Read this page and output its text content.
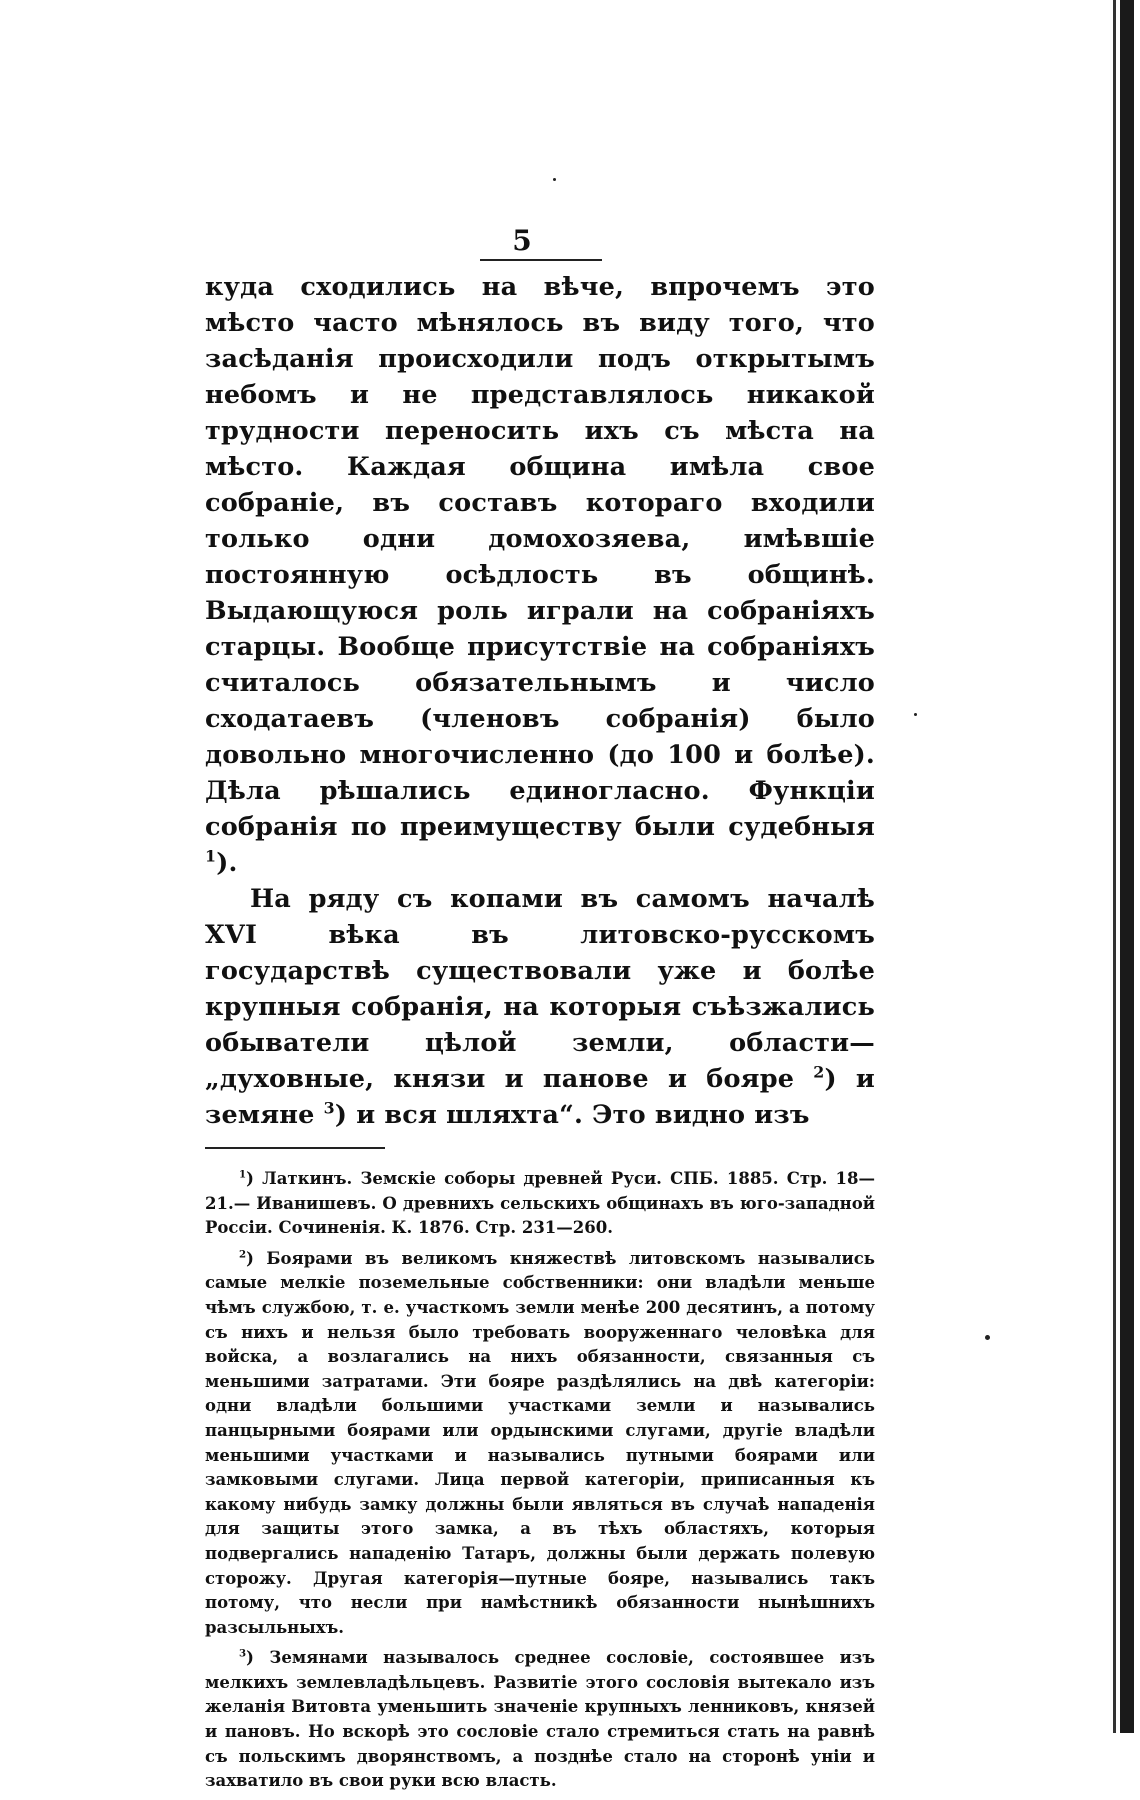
5

куда сходились на вѣче, впрочемъ это мѣсто часто мѣнялось въ виду того, что засѣданія происходили подъ открытымъ небомъ и не представлялось никакой трудности переносить ихъ съ мѣста на мѣсто. Каждая община имѣла свое собраніе, въ составъ котораго входили только одни домохозяева, имѣвшіе постоянную осѣдлость въ общинѣ. Выдающуюся роль играли на собраніяхъ старцы. Вообще присутствіе на собраніяхъ считалось обязательнымъ и число сходатаевъ (членовъ собранія) было довольно многочисленно (до 100 и болѣе). Дѣла рѣшались единогласно. Функціи собранія по преимуществу были судебныя $^1$).

На ряду съ копами въ самомъ началѣ XVI вѣка въ литовско-русскомъ государствѣ существовали уже и болѣе крупныя собранія, на которыя съѣзжались обыватели цѣлой земли, области—„духовные, князи и панове и бояре $^2$) и земяне $^3$) и вся шляхта“. Это видно изъ

$^1$) Латкинъ. Земскіе соборы древней Руси. СПБ. 1885. Стр. 18—21.— Иванишевъ. О древнихъ сельскихъ общинахъ въ юго-западной Россіи. Сочиненія. К. 1876. Стр. 231—260.

$^2$) Боярами въ великомъ княжествѣ литовскомъ назывались самые мелкіе поземельные собственники: они владѣли меньше чѣмъ службою, т. е. участкомъ земли менѣе 200 десятинъ, а потому съ нихъ и нельзя было требовать вооруженнаго человѣка для войска, а возлагались на нихъ обязанности, связанныя съ меньшими затратами. Эти бояре раздѣлялись на двѣ категоріи: одни владѣли большими участками земли и назывались панцырными боярами или ордынскими слугами, другіе владѣли меньшими участками и назывались путными боярами или замковыми слугами. Лица первой категоріи, приписанныя къ какому нибудь замку должны были являться въ случаѣ нападенія для защиты этого замка, а въ тѣхъ областяхъ, которыя подвергались нападенію Татаръ, должны были держать полевую сторожу. Другая категорія—путные бояре, назывались такъ потому, что несли при намѣстникѣ обязанности нынѣшнихъ разсыльныхъ.

$^3$) Земянами называлось среднее сословіе, состоявшее изъ мелкихъ землевладѣльцевъ. Развитіе этого сословія вытекало изъ желанія Витовта уменьшить значеніе крупныхъ ленниковъ, князей и пановъ. Но вскорѣ это сословіе стало стремиться стать на равнѣ съ польскимъ дворянствомъ, а позднѣе стало на сторонѣ уніи и захватило въ свои руки всю власть.
